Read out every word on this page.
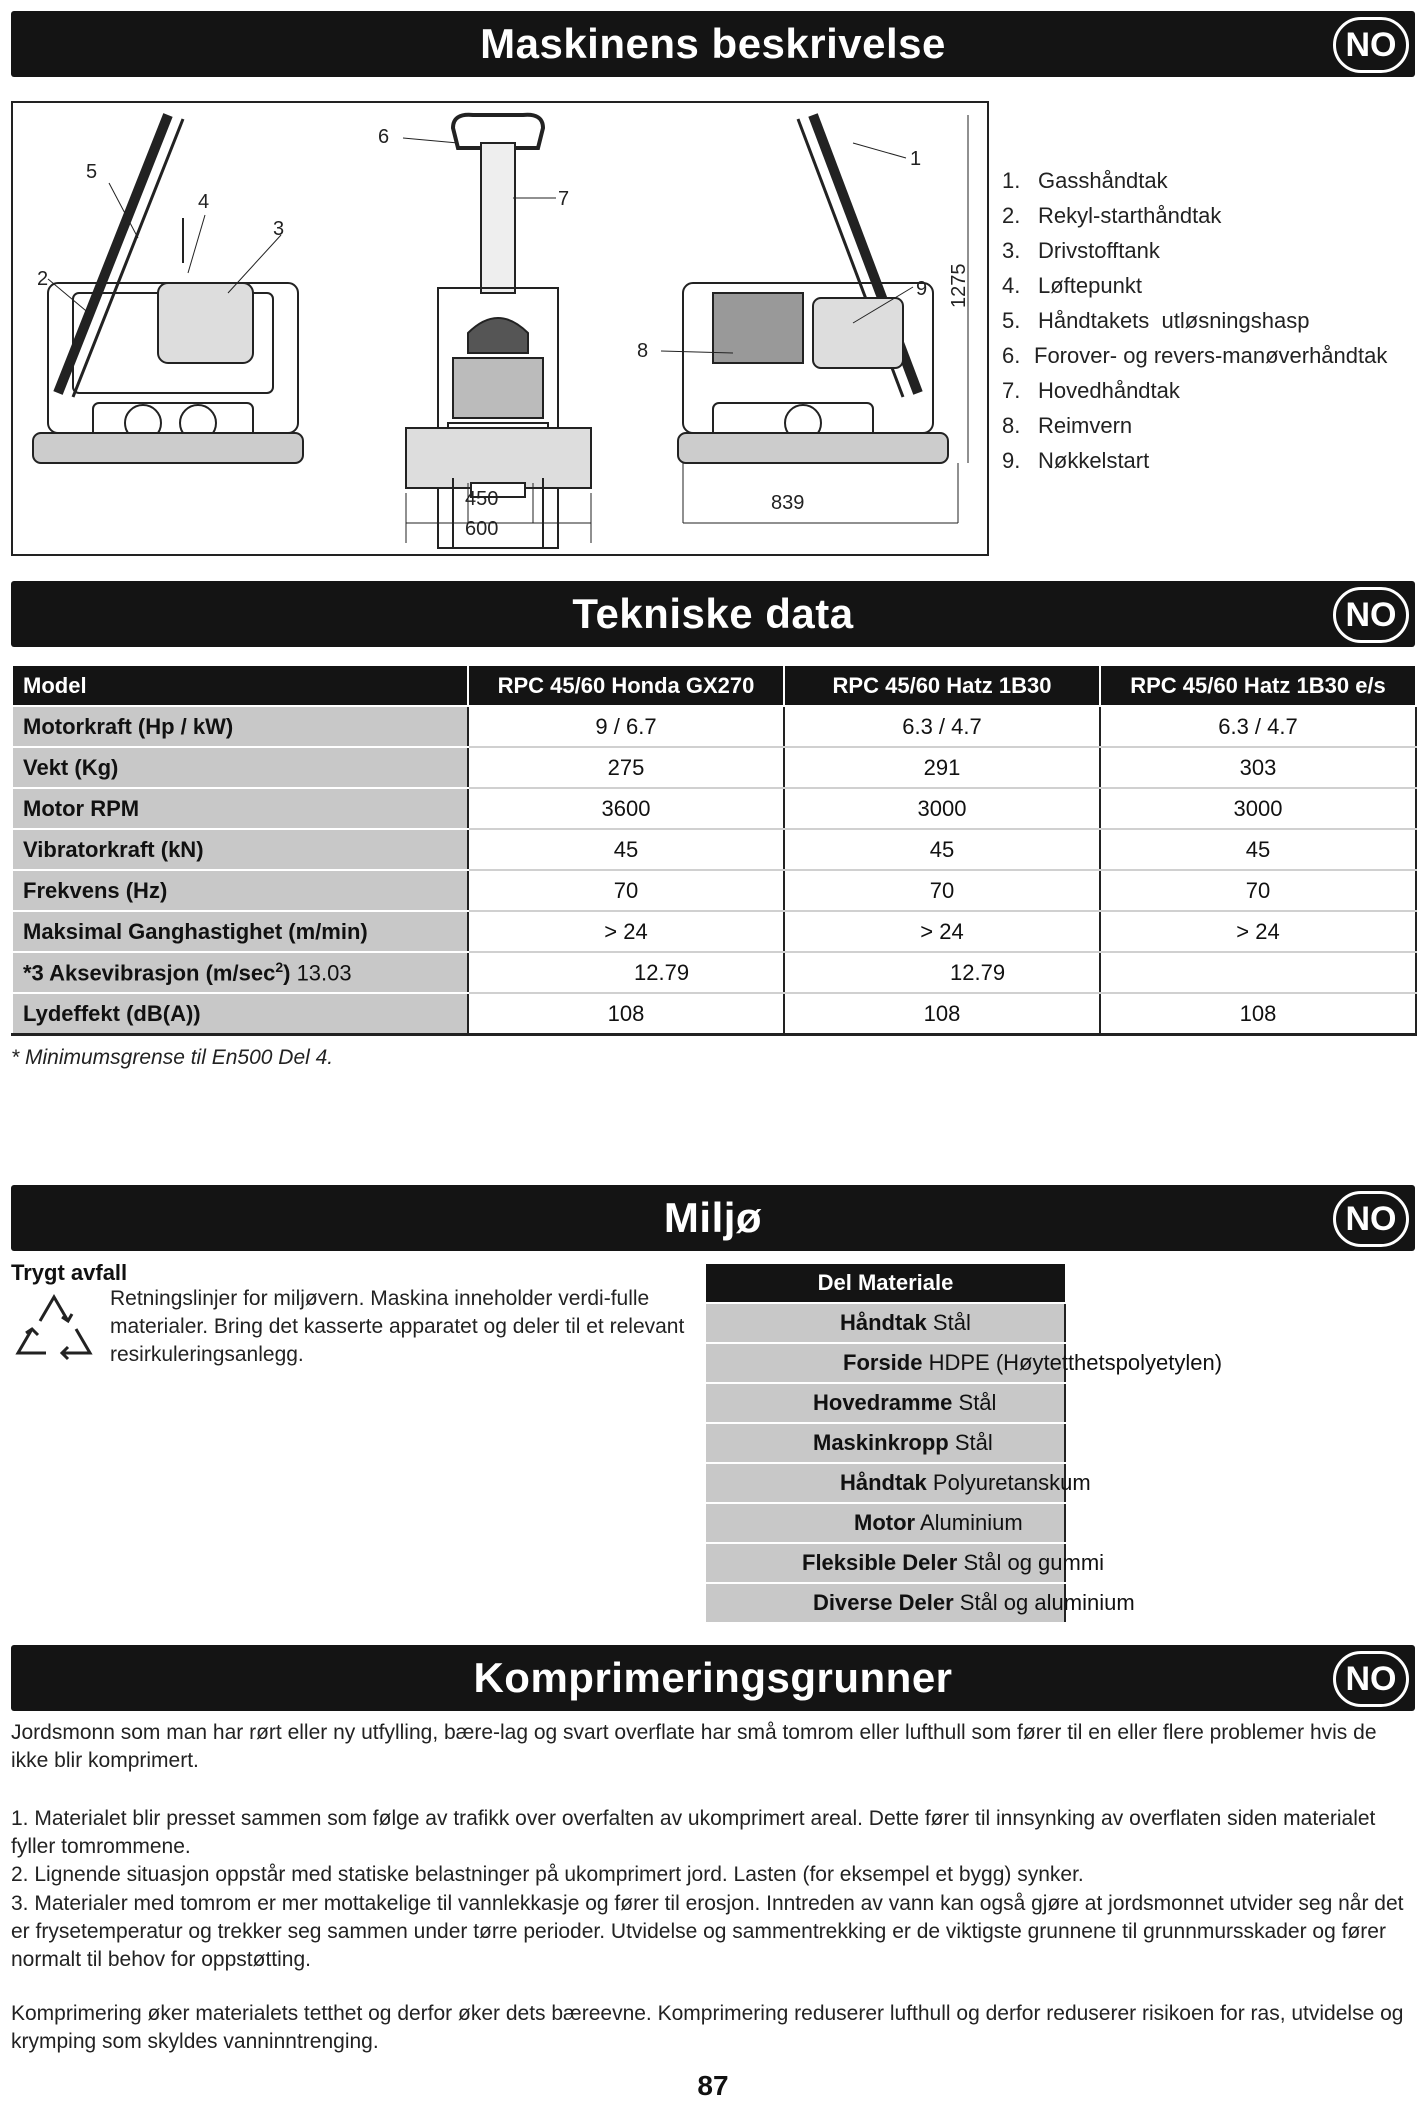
Maskinens beskrivelse	NO
1
2
3
4
5
6
7
8
9 1275
450
600
839
1. Gasshåndtak
2. Rekyl-starthåndtak
3. Drivstofftank
4. Løftepunkt
5. Håndtakets  utløsningshasp
6. Forover- og revers-manøverhåndtak
7. Hovedhåndtak
8. Reimvern
9. Nøkkelstart
Tekniske data	NO
Model	RPC 45/60 Honda GX270	RPC 45/60 Hatz 1B30	RPC 45/60 Hatz 1B30 e/s
Motorkraft (Hp / kW)	9 / 6.7	6.3 / 4.7	6.3 / 4.7
Vekt (Kg)	275	291	303
Motor RPM	3600	3000	3000
Vibratorkraft (kN)	45	45	45
Frekvens (Hz)	70	70	70
Maksimal Ganghastighet (m/min)	> 24	> 24	> 24
*3 Aksevibrasjon $(m/\sec^2)$ 13.03	12.79	12.79	
Lydeffekt (dB(A))	108	108	108
* Minimumsgrense til En500 Del 4.
Miljø	NO
Trygt avfall
Retningslinjer for miljøvern. Maskina inneholder verdi-fulle materialer. Bring det kasserte apparatet og deler til et relevant resirkuleringsanlegg.
Del Materiale	

Håndtak Stål	

Forside HDPE (Høytetthetspolyetylen)	

Hovedramme Stål	

Maskinkropp Stål	

Håndtak Polyuretanskum	

Motor Aluminium	

Fleksible Deler Stål og gummi	

Diverse Deler Stål og aluminium	

Komprimeringsgrunner	NO
Jordsmonn som man har rørt eller ny utfylling, bære-lag og svart overflate har små tomrom eller lufthull som fører til en eller flere problemer hvis de ikke blir komprimert.
1. Materialet blir presset sammen som følge av trafikk over overfalten av ukomprimert areal. Dette fører til innsynking av overflaten siden materialet fyller tomrommene.
2. Lignende situasjon oppstår med statiske belastninger på ukomprimert jord. Lasten (for eksempel et bygg) synker.
3. Materialer med tomrom er mer mottakelige til vannlekkasje og fører til erosjon. Inntreden av vann kan også gjøre at jordsmonnet utvider seg når det er frysetemperatur og trekker seg sammen under tørre perioder. Utvidelse og sammentrekking er de viktigste grunnene til grunnmursskader og fører normalt til behov for oppstøtting.
Komprimering øker materialets tetthet og derfor øker dets bæreevne. Komprimering reduserer lufthull og derfor reduserer risikoen for ras, utvidelse og krymping som skyldes vanninntrenging.
87
